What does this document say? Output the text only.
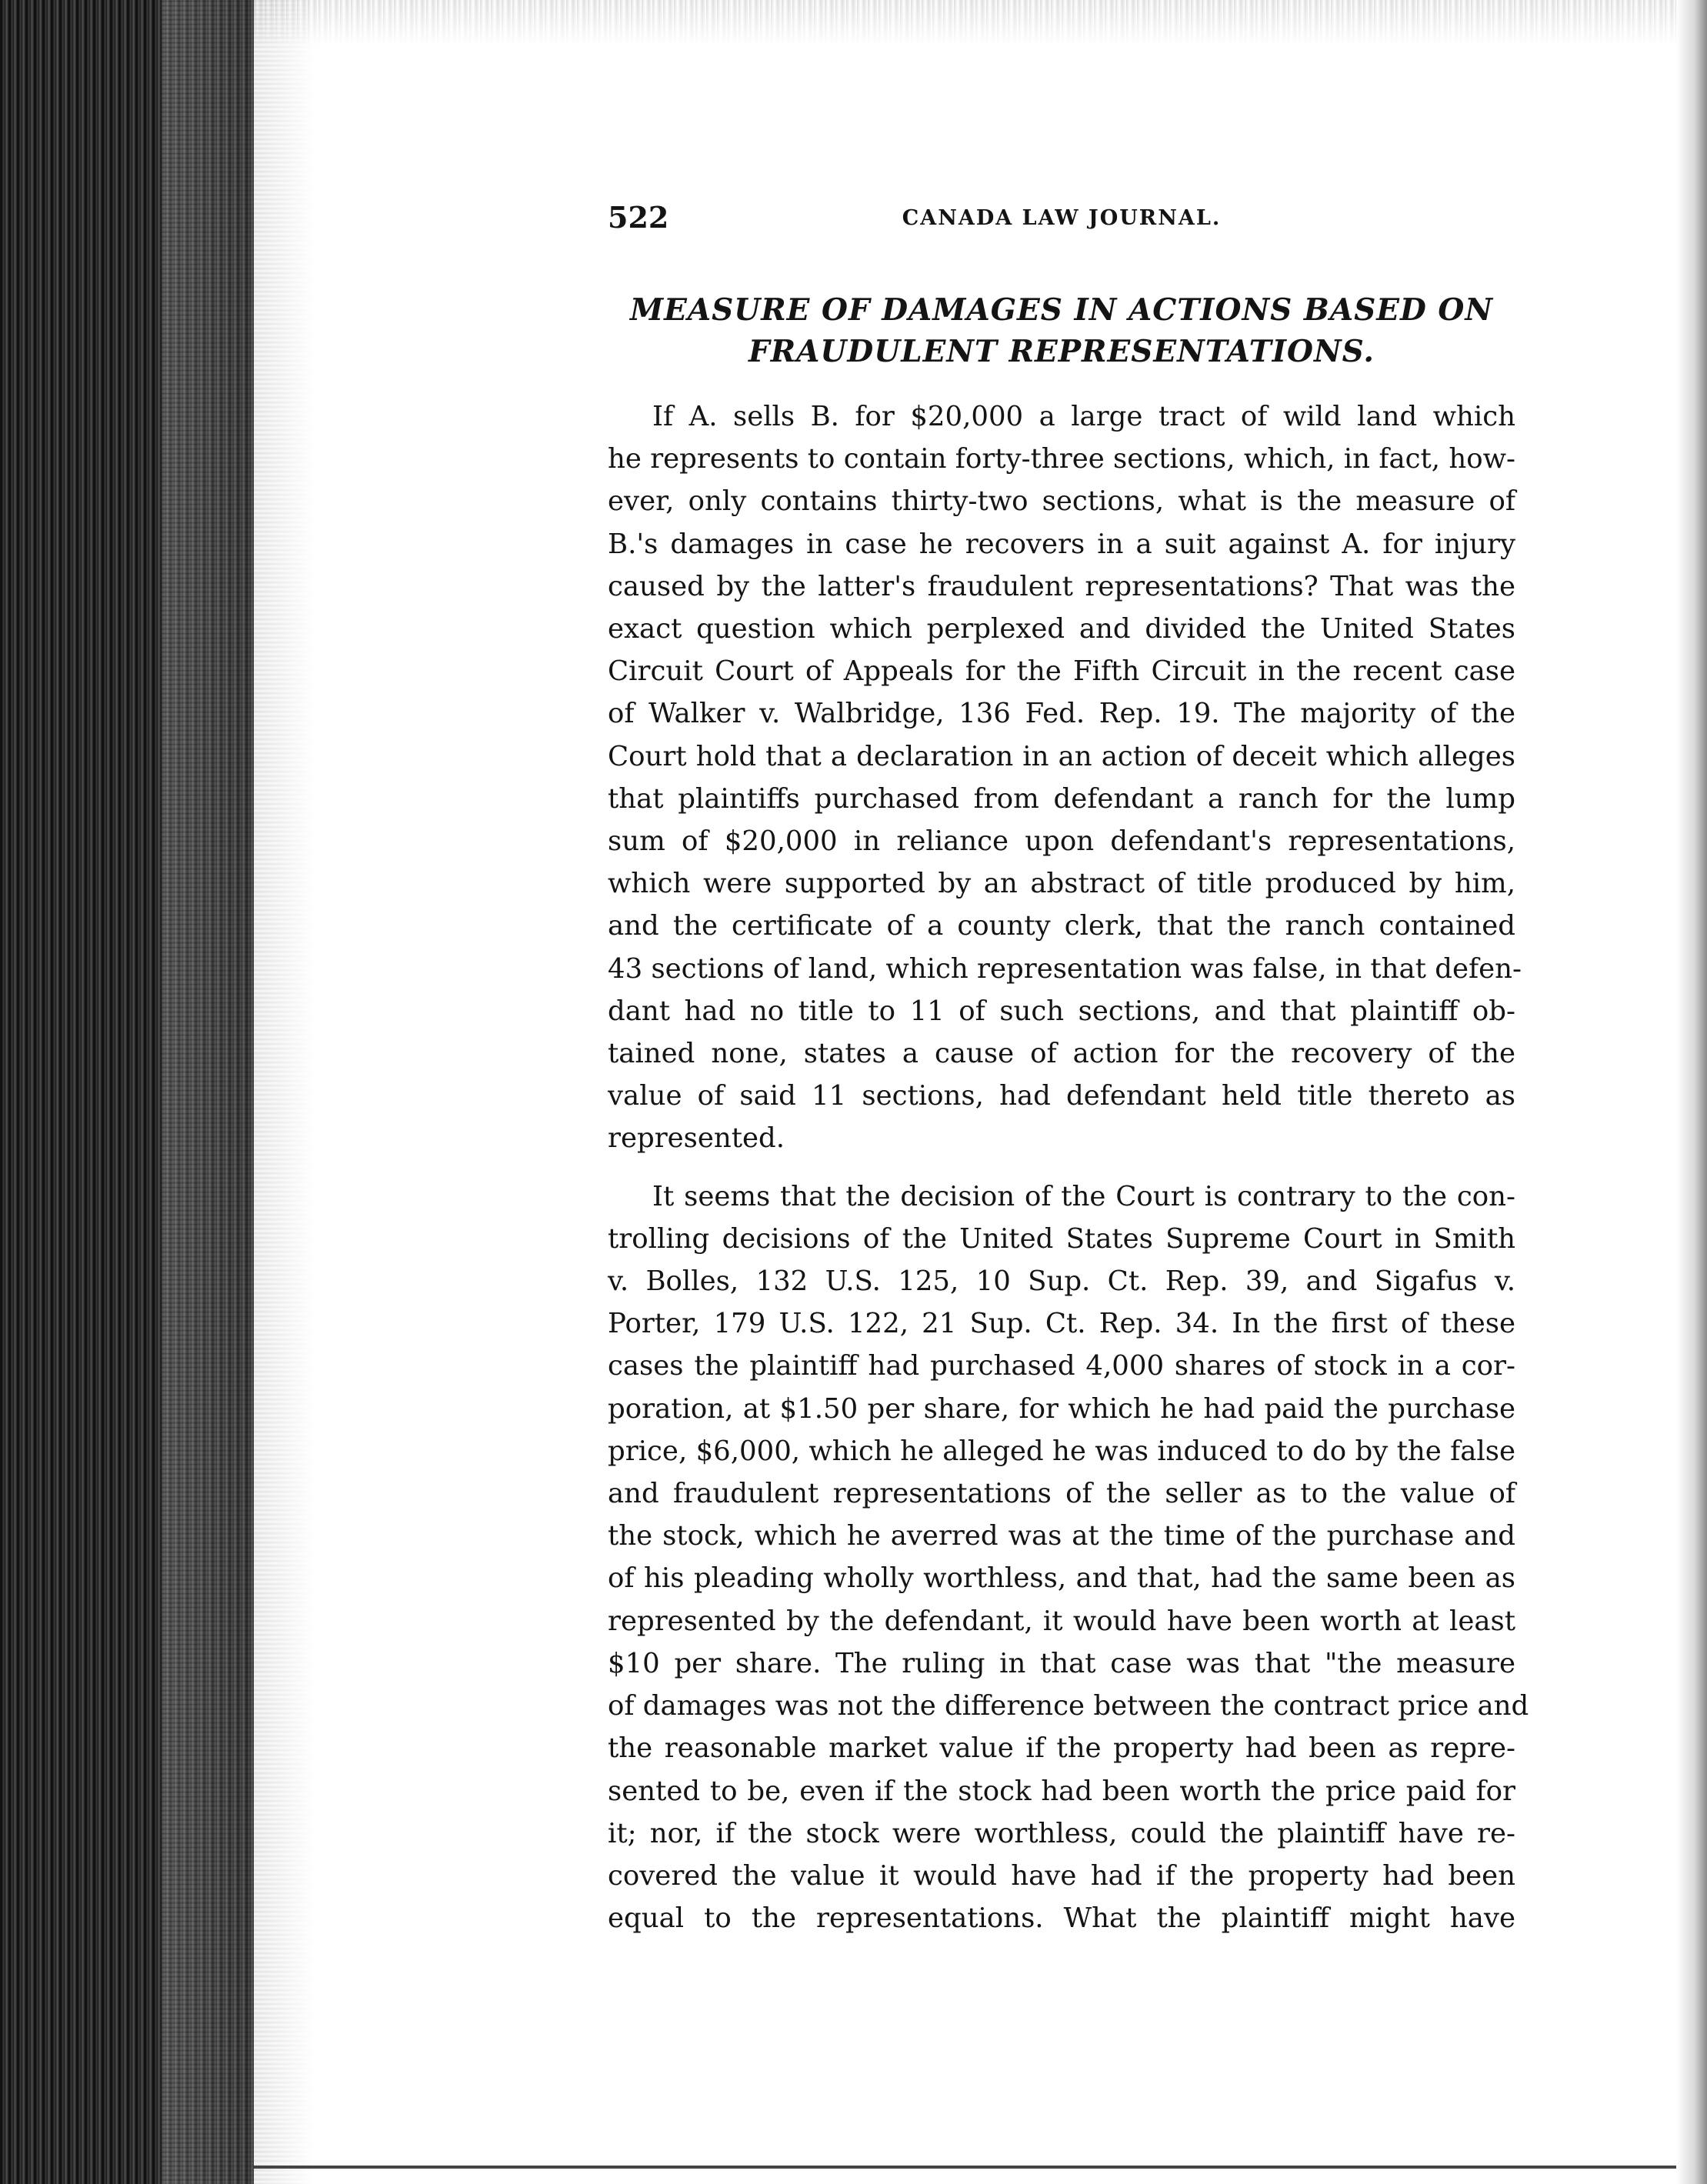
522	CANADA LAW JOURNAL.
MEASURE OF DAMAGES IN ACTIONS BASED ON
FRAUDULENT REPRESENTATIONS.

If A. sells B. for $20,000 a large tract of wild land which
he represents to contain forty-three sections, which, in fact, how-
ever, only contains thirty-two sections, what is the measure of
B.'s damages in case he recovers in a suit against A. for injury
caused by the latter's fraudulent representations? That was the
exact question which perplexed and divided the United States
Circuit Court of Appeals for the Fifth Circuit in the recent case
of Walker v. Walbridge, 136 Fed. Rep. 19. The majority of the
Court hold that a declaration in an action of deceit which alleges
that plaintiffs purchased from defendant a ranch for the lump
sum of $20,000 in reliance upon defendant's representations,
which were supported by an abstract of title produced by him,
and the certificate of a county clerk, that the ranch contained
43 sections of land, which representation was false, in that defen-
dant had no title to 11 of such sections, and that plaintiff ob-
tained none, states a cause of action for the recovery of the
value of said 11 sections, had defendant held title thereto as
represented.

It seems that the decision of the Court is contrary to the con-
trolling decisions of the United States Supreme Court in Smith
v. Bolles, 132 U.S. 125, 10 Sup. Ct. Rep. 39, and Sigafus v.
Porter, 179 U.S. 122, 21 Sup. Ct. Rep. 34. In the first of these
cases the plaintiff had purchased 4,000 shares of stock in a cor-
poration, at $1.50 per share, for which he had paid the purchase
price, $6,000, which he alleged he was induced to do by the false
and fraudulent representations of the seller as to the value of
the stock, which he averred was at the time of the purchase and
of his pleading wholly worthless, and that, had the same been as
represented by the defendant, it would have been worth at least
$10 per share. The ruling in that case was that "the measure
of damages was not the difference between the contract price and
the reasonable market value if the property had been as repre-
sented to be, even if the stock had been worth the price paid for
it; nor, if the stock were worthless, could the plaintiff have re-
covered the value it would have had if the property had been
equal to the representations. What the plaintiff might have
